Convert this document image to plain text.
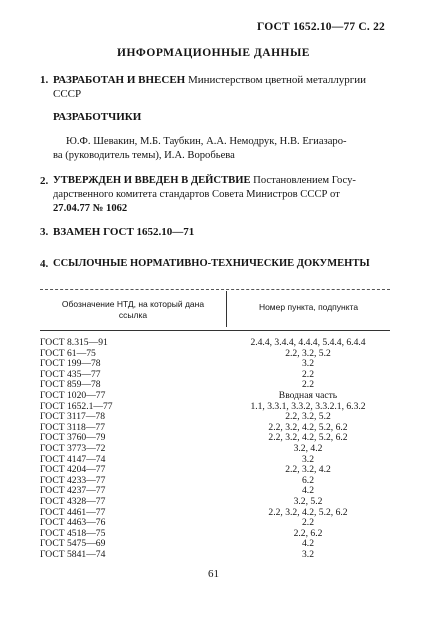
ГОСТ 1652.10—77 С. 22
ИНФОРМАЦИОННЫЕ ДАННЫЕ
1. РАЗРАБОТАН И ВНЕСЕН Министерством цветной металлургии
СССР
РАЗРАБОТЧИКИ
Ю.Ф. Шевакин, М.Б. Таубкин, А.А. Немодрук, Н.В. Егиазаро-
ва (руководитель темы), И.А. Воробьева
2. УТВЕРЖДЕН И ВВЕДЕН В ДЕЙСТВИЕ Постановлением Госу-
дарственного комитета стандартов Совета Министров СССР от
27.04.77 № 1062
3. ВЗАМЕН ГОСТ 1652.10—71
4. ССЫЛОЧНЫЕ НОРМАТИВНО-ТЕХНИЧЕСКИЕ ДОКУМЕНТЫ
Обозначение НТД, на который дана
ссылка
Номер пункта, подпункта
ГОСТ 8.315—91	2.4.4, 3.4.4, 4.4.4, 5.4.4, 6.4.4
ГОСТ 61—75	2.2, 3.2, 5.2
ГОСТ 199—78	3.2
ГОСТ 435—77	2.2
ГОСТ 859—78	2.2
ГОСТ 1020—77	Вводная часть
ГОСТ 1652.1—77	1.1, 3.3.1, 3.3.2, 3.3.2.1, 6.3.2
ГОСТ 3117—78	2.2, 3.2, 5.2
ГОСТ 3118—77	2.2, 3.2, 4.2, 5.2, 6.2
ГОСТ 3760—79	2.2, 3.2, 4.2, 5.2, 6.2
ГОСТ 3773—72	3.2, 4.2
ГОСТ 4147—74	3.2
ГОСТ 4204—77	2.2, 3.2, 4.2
ГОСТ 4233—77	6.2
ГОСТ 4237—77	4.2
ГОСТ 4328—77	3.2, 5.2
ГОСТ 4461—77	2.2, 3.2, 4.2, 5.2, 6.2
ГОСТ 4463—76	2.2
ГОСТ 4518—75	2.2, 6.2
ГОСТ 5475—69	4.2
ГОСТ 5841—74	3.2
61
